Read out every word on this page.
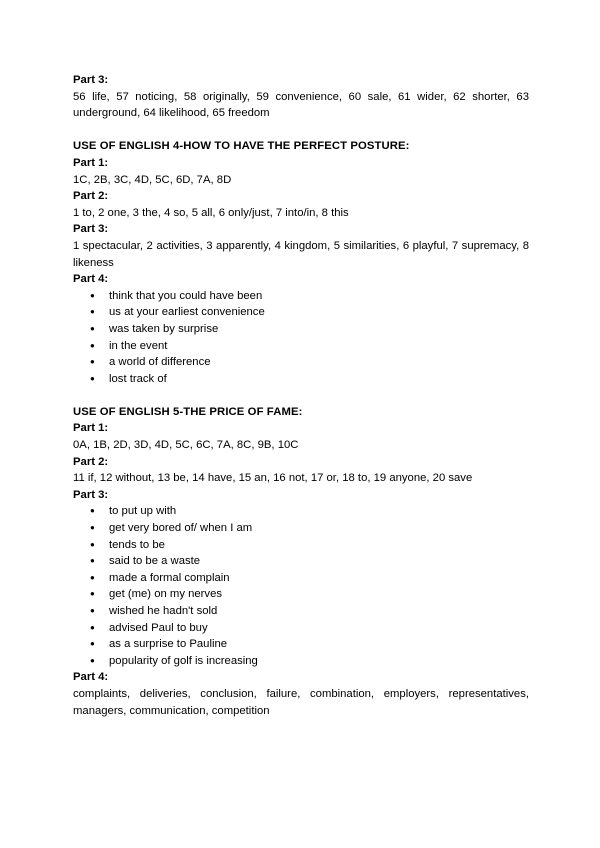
Part 3:

56 life, 57 noticing, 58 originally, 59 convenience, 60 sale, 61 wider, 62 shorter, 63 underground, 64 likelihood, 65 freedom

USE OF ENGLISH 4-HOW TO HAVE THE PERFECT POSTURE:

Part 1:

1C, 2B, 3C, 4D, 5C, 6D, 7A, 8D

Part 2:

1 to, 2 one, 3 the, 4 so, 5 all, 6 only/just, 7 into/in, 8 this

Part 3:

1 spectacular, 2 activities, 3 apparently, 4 kingdom, 5 similarities, 6 playful, 7 supremacy, 8 likeness

Part 4:

● think that you could have been
● us at your earliest convenience
● was taken by surprise
● in the event
● a world of difference
● lost track of

USE OF ENGLISH 5-THE PRICE OF FAME:

Part 1:

0A, 1B, 2D, 3D, 4D, 5C, 6C, 7A, 8C, 9B, 10C

Part 2:

11 if, 12 without, 13 be, 14 have, 15 an, 16 not, 17 or, 18 to, 19 anyone, 20 save

Part 3:

● to put up with
● get very bored of/ when I am
● tends to be
● said to be a waste
● made a formal complain
● get (me) on my nerves
● wished he hadn't sold
● advised Paul to buy
● as a surprise to Pauline
● popularity of golf is increasing

Part 4:

complaints, deliveries, conclusion, failure, combination, employers, representatives, managers, communication, competition
